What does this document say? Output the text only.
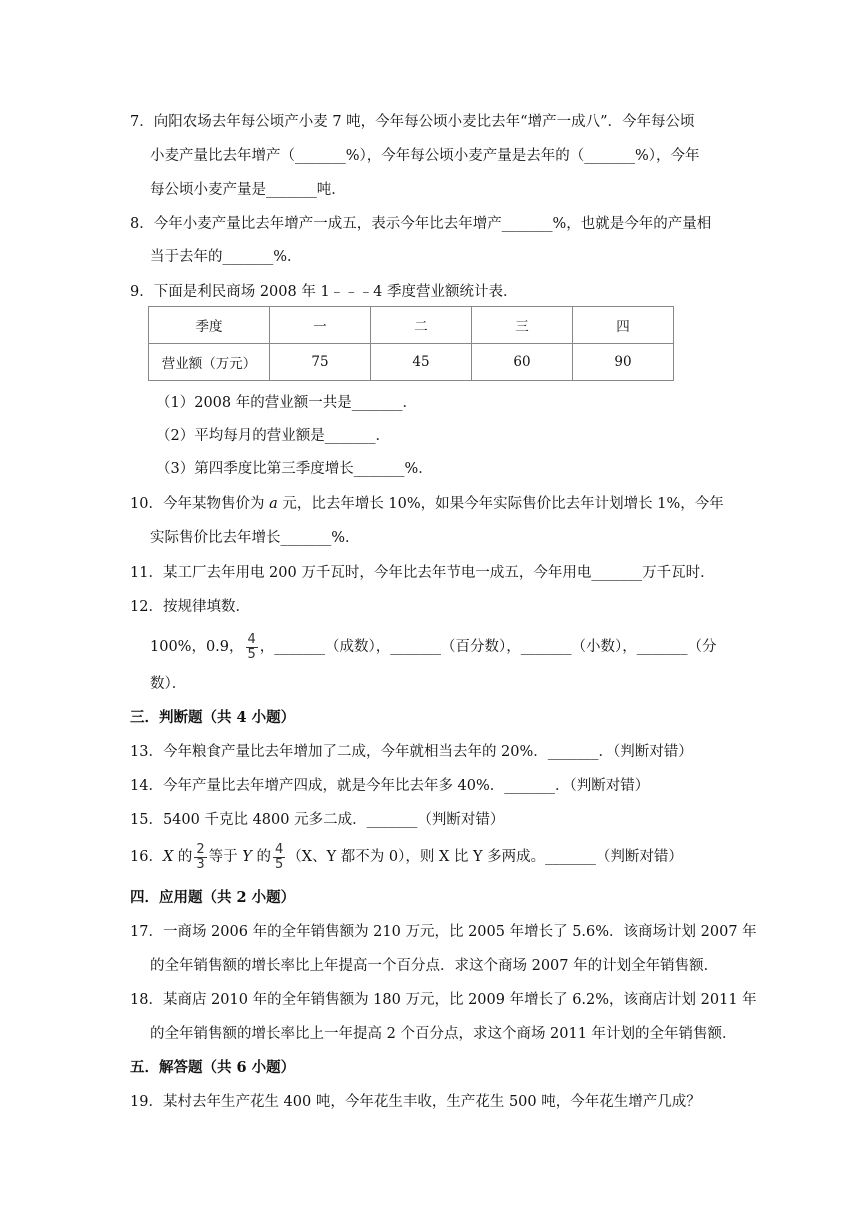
7．向阳农场去年每公顷产小麦 7 吨，今年每公顷小麦比去年“增产一成八”．今年每公顷
小麦产量比去年增产（_______%），今年每公顷小麦产量是去年的（_______%），今年
每公顷小麦产量是_______吨．
8．今年小麦产量比去年增产一成五，表示今年比去年增产_______%，也就是今年的产量相
当于去年的_______%．
9．下面是利民商场 2008 年 1﹣﹣﹣4 季度营业额统计表．
季度	一	二	三	四
营业额（万元）	75	45	60	90
（1）2008 年的营业额一共是_______．
（2）平均每月的营业额是_______．
（3）第四季度比第三季度增长_______%．
10．今年某物售价为 a 元，比去年增长 10%，如果今年实际售价比去年计划增长 1%，今年
实际售价比去年增长_______%．
11．某工厂去年用电 200 万千瓦时，今年比去年节电一成五，今年用电_______万千瓦时．
12．按规律填数．
100%，0.9， $\frac{4}{5}$ ，_______（成数），_______（百分数），_______（小数），_______（分
数）．
三．判断题（共 4 小题）
13．今年粮食产量比去年增加了二成，今年就相当去年的 20%．_______．（判断对错）
14．今年产量比去年增产四成，就是今年比去年多 40%．_______．（判断对错）
15．5400 千克比 4800 元多二成．_______（判断对错）
16．X 的 $\frac{2}{3}$ 等于 Y 的 $\frac{4}{5} (X$、Y 都不为 0），则 X 比 Y 多两成。_______（判断对错）
四．应用题（共 2 小题）
17．一商场 2006 年的全年销售额为 210 万元，比 2005 年增长了 5.6%．该商场计划 2007 年
的全年销售额的增长率比上年提高一个百分点．求这个商场 2007 年的计划全年销售额．
18．某商店 2010 年的全年销售额为 180 万元，比 2009 年增长了 6.2%，该商店计划 2011 年
的全年销售额的增长率比上一年提高 2 个百分点，求这个商场 2011 年计划的全年销售额．
五．解答题（共 6 小题）
19．某村去年生产花生 400 吨，今年花生丰收，生产花生 500 吨，今年花生增产几成？
